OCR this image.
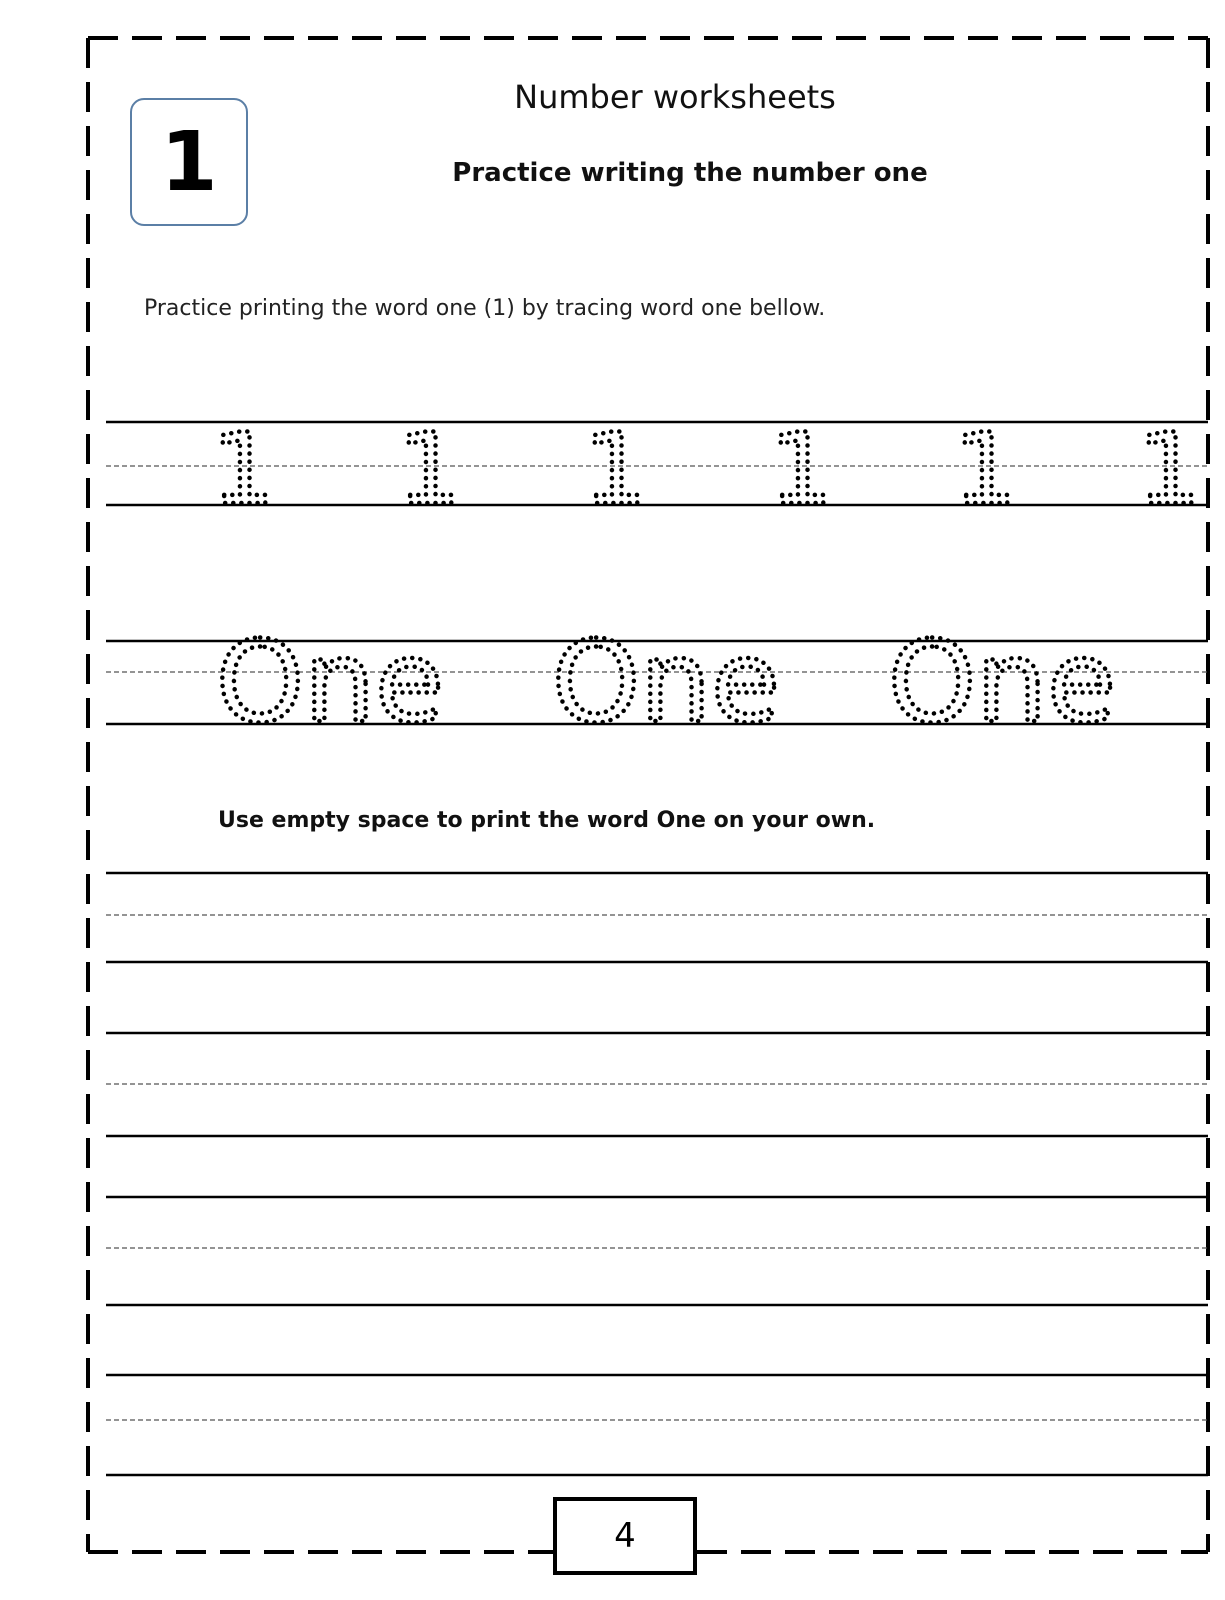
1 1 1 1 1 1
One One One
1
Number worksheets
Practice writing the number one
Practice printing the word one (1) by tracing word one bellow.
Use empty space to print the word One on your own.
4
